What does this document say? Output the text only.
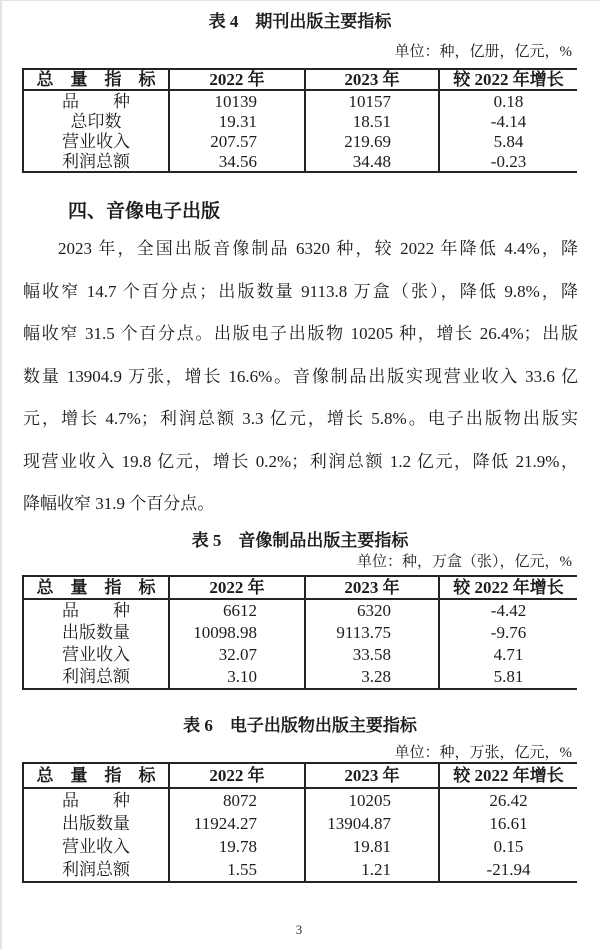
表 4　期刊出版主要指标
单位：种，亿册，亿元，%
总　量　指　标	2022 年	2023 年	较 2022 年增长
品　　种	10139	10157	0.18
总印数	19.31	18.51	-4.14
营业收入	207.57	219.69	5.84
利润总额	34.56	34.48	-0.23
四、音像电子出版
2023 年，全国出版音像制品 6320 种，较 2022 年降低 4.4%，降
幅收窄 14.7 个百分点；出版数量 9113.8 万盒（张），降低 9.8%，降
幅收窄 31.5 个百分点。出版电子出版物 10205 种，增长 26.4%；出版
数量 13904.9 万张，增长 16.6%。音像制品出版实现营业收入 33.6 亿
元，增长 4.7%；利润总额 3.3 亿元，增长 5.8%。电子出版物出版实
现营业收入 19.8 亿元，增长 0.2%；利润总额 1.2 亿元，降低 21.9%，
降幅收窄 31.9 个百分点。
表 5　音像制品出版主要指标
单位：种，万盒（张），亿元，%
总　量　指　标	2022 年	2023 年	较 2022 年增长
品　　种	6612	6320	-4.42
出版数量	10098.98	9113.75	-9.76
营业收入	32.07	33.58	4.71
利润总额	3.10	3.28	5.81
表 6　电子出版物出版主要指标
单位：种，万张，亿元，%
总　量　指　标	2022 年	2023 年	较 2022 年增长
品　　种	8072	10205	26.42
出版数量	11924.27	13904.87	16.61
营业收入	19.78	19.81	0.15
利润总额	1.55	1.21	-21.94
3
